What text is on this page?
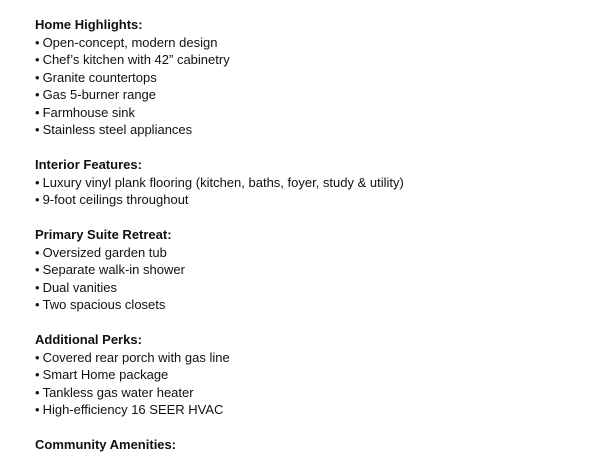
Home Highlights:
• Open-concept, modern design
• Chef’s kitchen with 42” cabinetry
• Granite countertops
• Gas 5-burner range
• Farmhouse sink
• Stainless steel appliances
Interior Features:
• Luxury vinyl plank flooring (kitchen, baths, foyer, study & utility)
• 9-foot ceilings throughout
Primary Suite Retreat:
• Oversized garden tub
• Separate walk-in shower
• Dual vanities
• Two spacious closets
Additional Perks:
• Covered rear porch with gas line
• Smart Home package
• Tankless gas water heater
• High-efficiency 16 SEER HVAC
Community Amenities:
